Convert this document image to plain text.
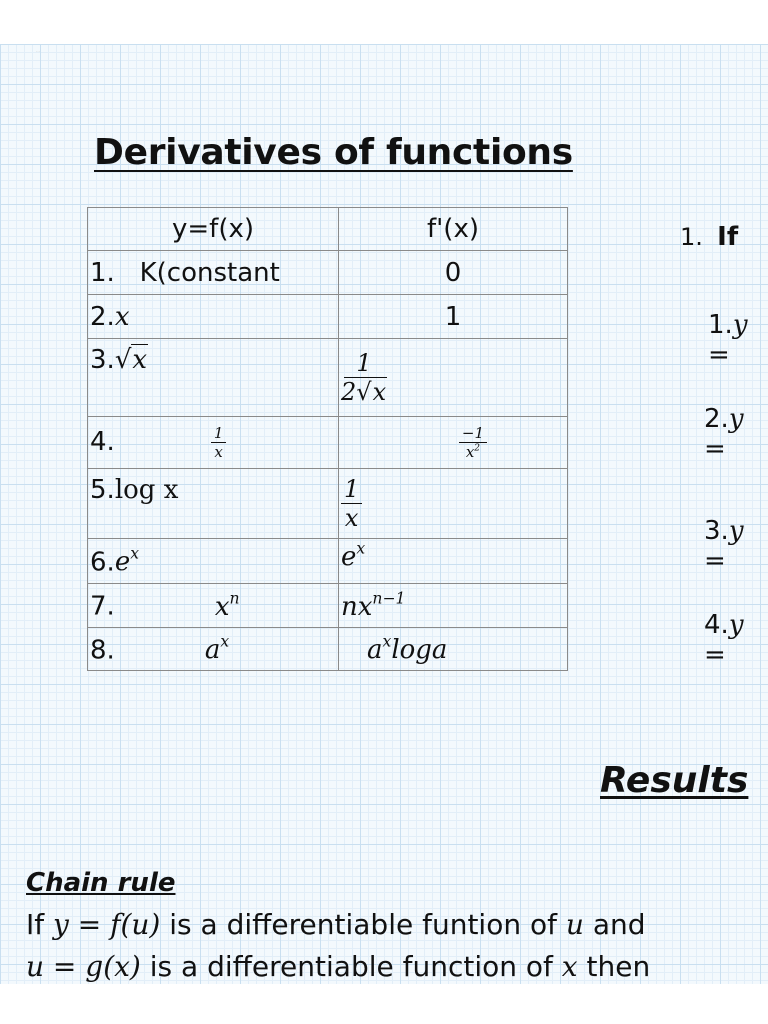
…
Derivatives of functions
y=f(x)	f'(x)
1. K(constant	0
2.x	1
3.√x	$\frac{1}{2√x}$

4. $\frac{1}{x}$	$\frac{-1}{x^2}$

5.log x	$\frac{1}{x}$

$6.e^x$	$e^x$
7. $x^n$	$nx^{n-1}$
8. $a^x$	$a^x\log a$
1. If
1.y =
2.y =
3.y =
4.y =
Results
Chain rule
If y = f(u) is a differentiable funtion of u and
u = g(x) is a differentiable function of x then
